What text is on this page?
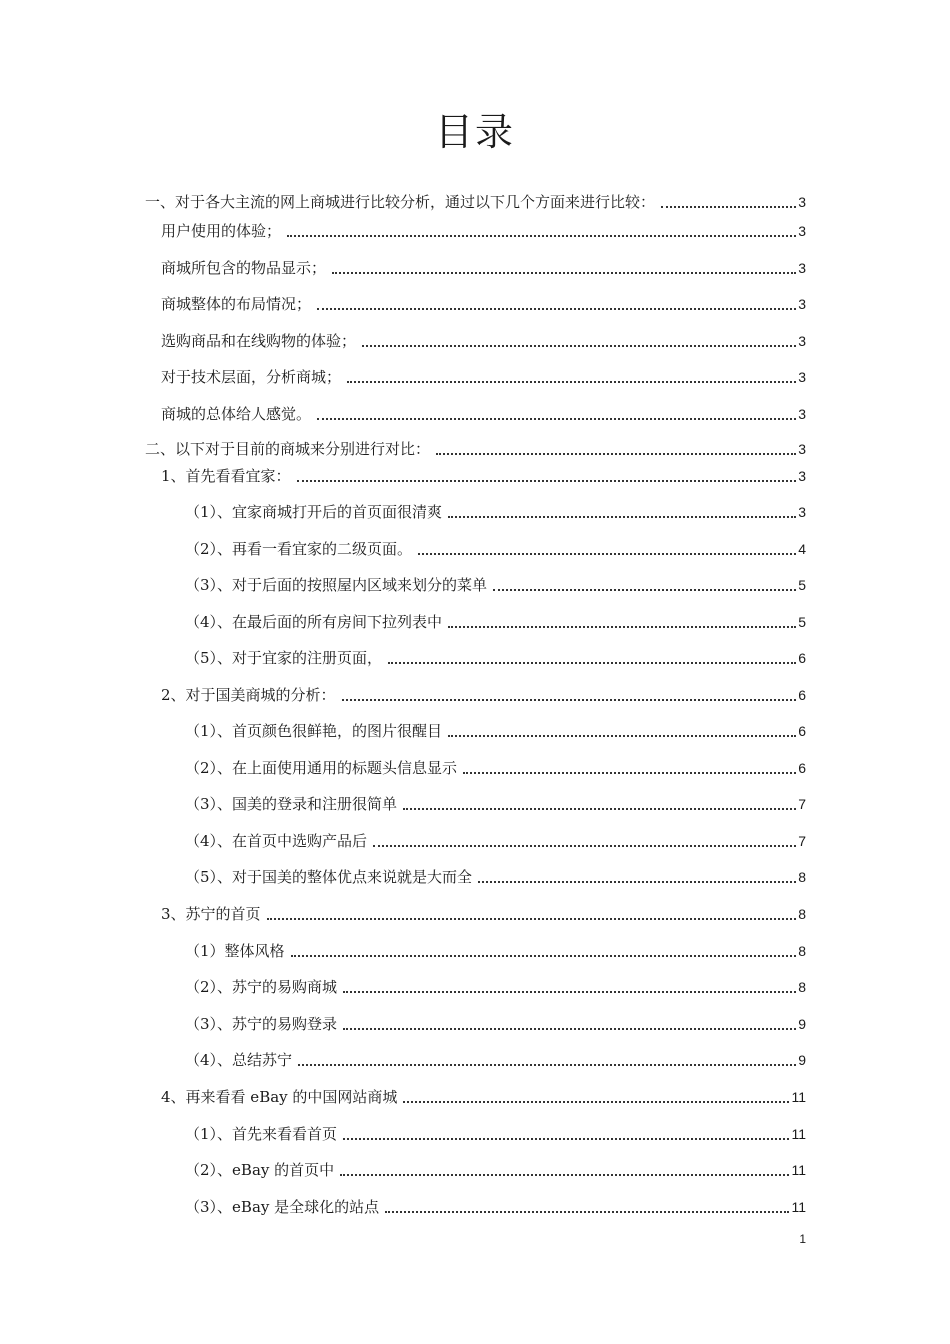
目录
一、对于各大主流的网上商城进行比较分析，通过以下几个方面来进行比较：	3
用户使用的体验；	3
商城所包含的物品显示；	3
商城整体的布局情况；	3
选购商品和在线购物的体验；	3
对于技术层面，分析商城；	3
商城的总体给人感觉。	3
二、以下对于目前的商城来分别进行对比：	3
1、首先看看宜家：	3
（1）、宜家商城打开后的首页面很清爽	3
（2）、再看一看宜家的二级页面。	4
（3）、对于后面的按照屋内区域来划分的菜单	5
（4）、在最后面的所有房间下拉列表中	5
（5）、对于宜家的注册页面，	6
2、对于国美商城的分析：	6
（1）、首页颜色很鲜艳，的图片很醒目	6
（2）、在上面使用通用的标题头信息显示	6
（3）、国美的登录和注册很简单	7
（4）、在首页中选购产品后	7
（5）、对于国美的整体优点来说就是大而全	8
3、苏宁的首页	8
（1）整体风格	8
（2）、苏宁的易购商城	8
（3）、苏宁的易购登录	9
（4）、总结苏宁	9
4、再来看看 eBay 的中国网站商城	11
（1）、首先来看看首页	11
（2）、eBay 的首页中	11
（3）、eBay 是全球化的站点	11
1
